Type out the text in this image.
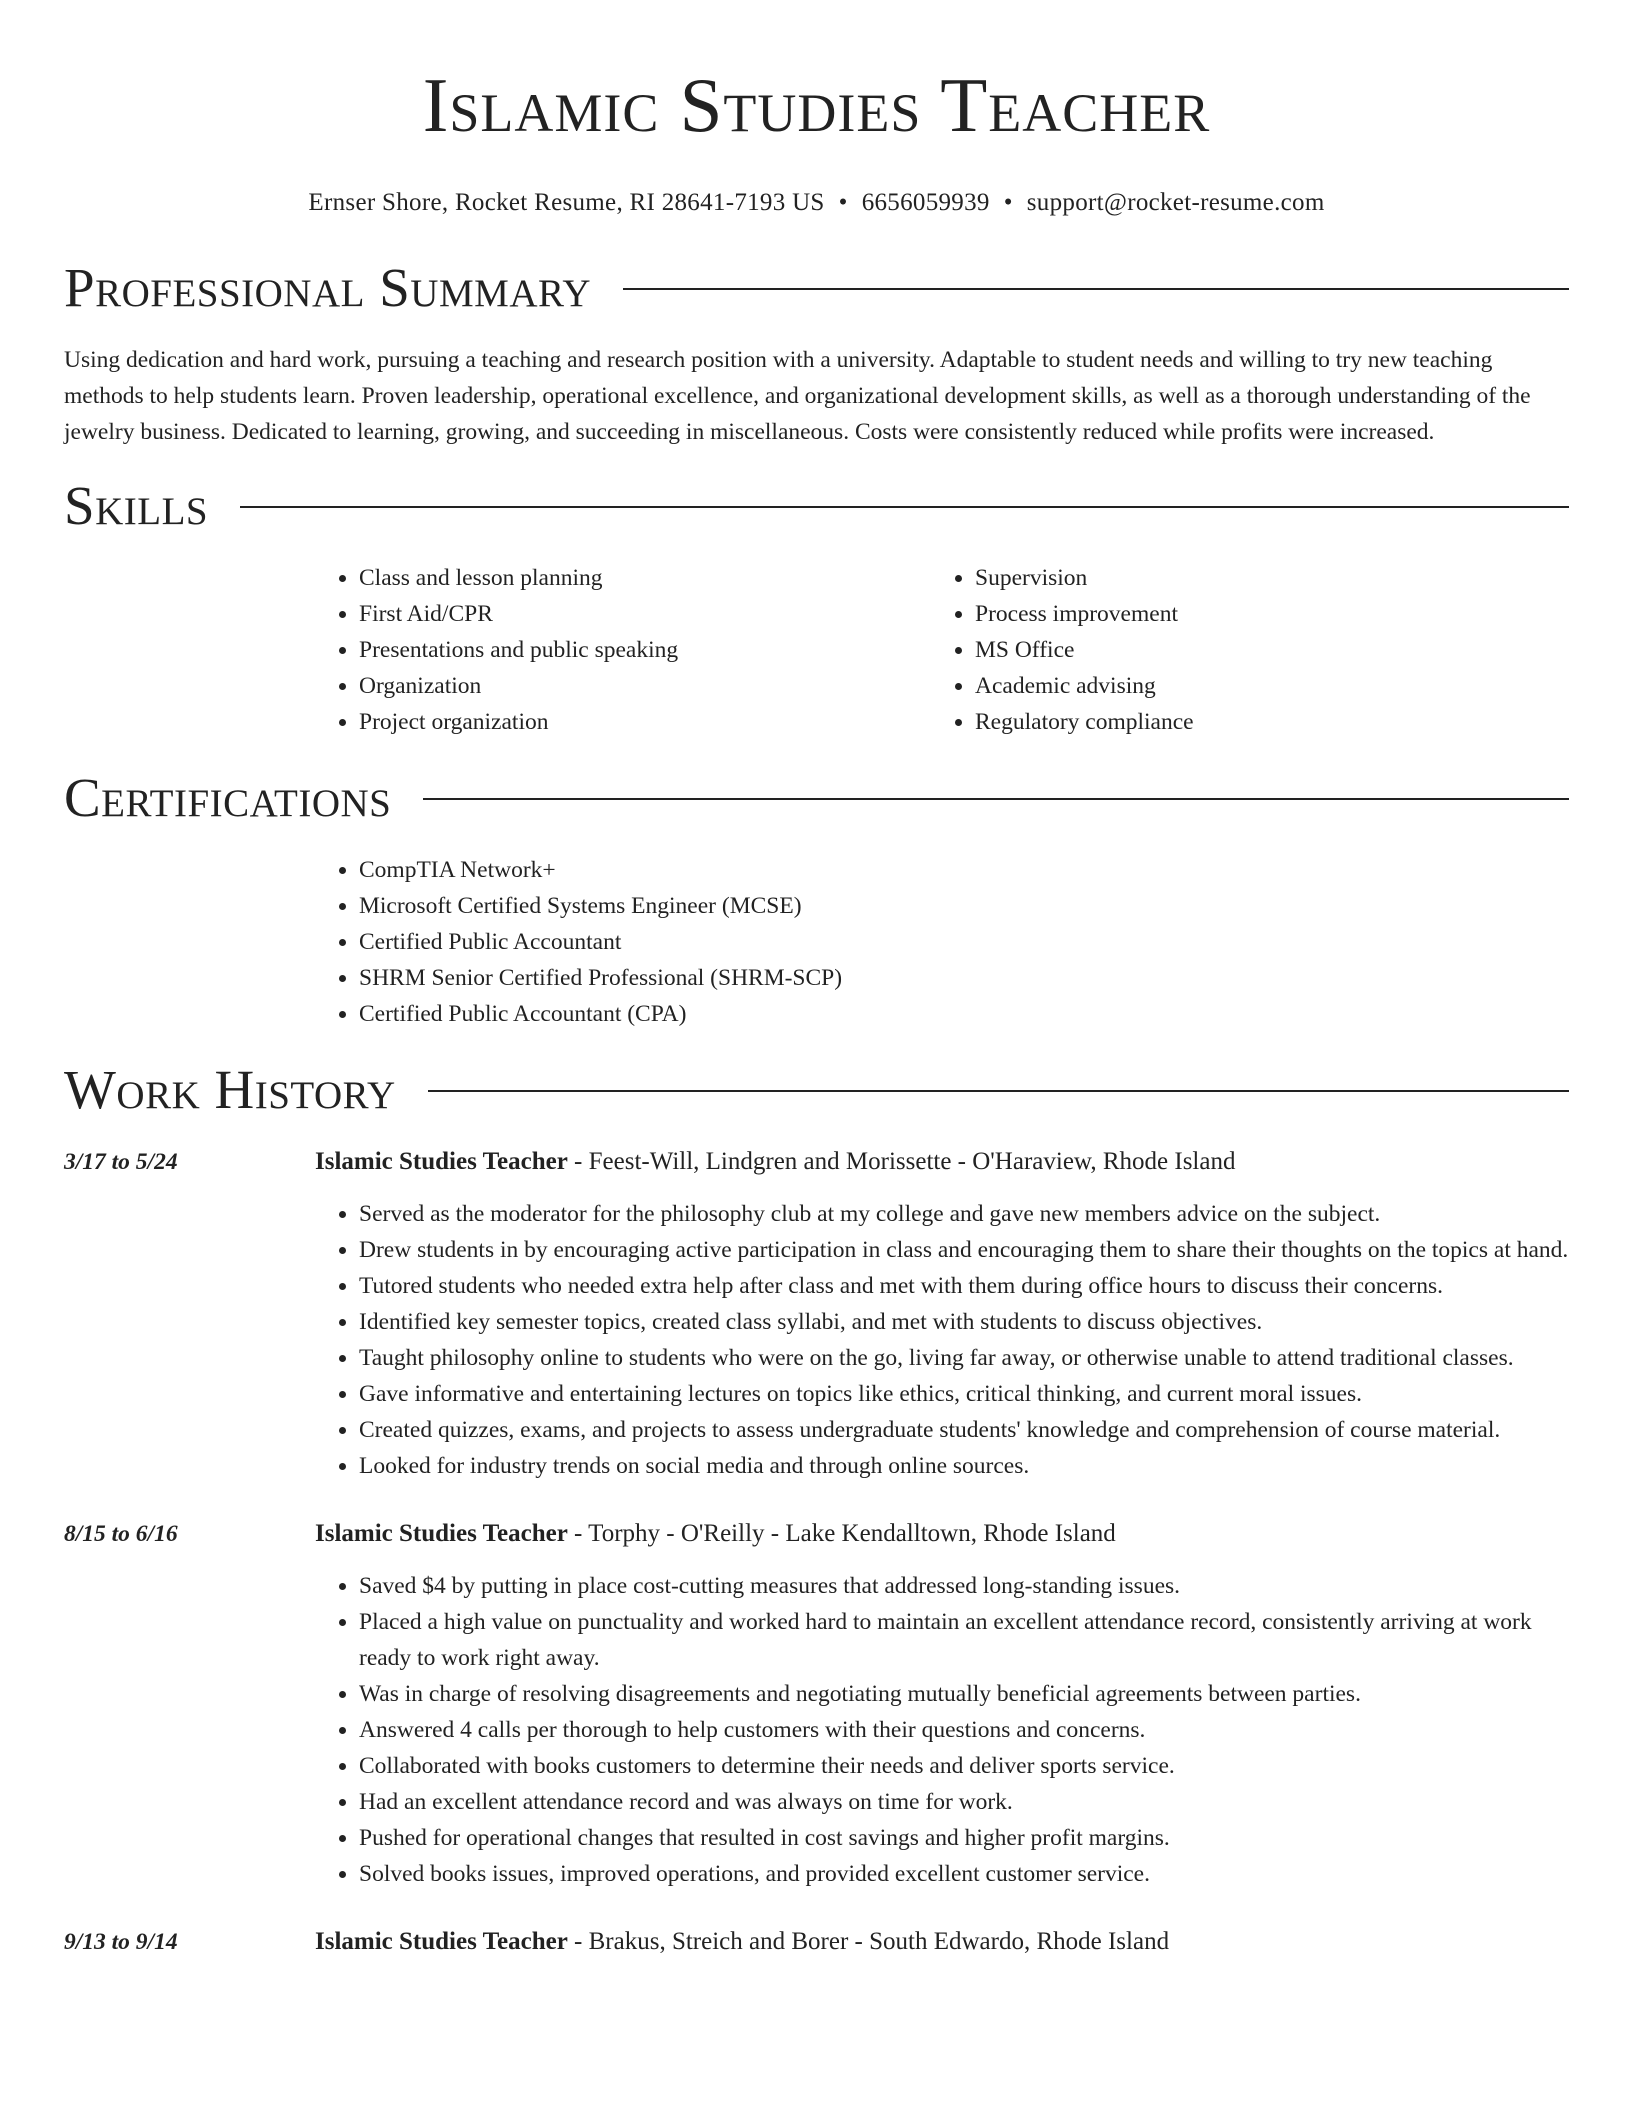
Islamic Studies Teacher
Ernser Shore, Rocket Resume, RI 28641-7193 US • 6656059939 • support@rocket-resume.com
Professional Summary

Using dedication and hard work, pursuing a teaching and research position with a university. Adaptable to student needs and willing to try new teaching methods to help students learn. Proven leadership, operational excellence, and organizational development skills, as well as a thorough understanding of the jewelry business. Dedicated to learning, growing, and succeeding in miscellaneous. Costs were consistently reduced while profits were increased.

Skills
• Class and lesson planning
• First Aid/CPR
• Presentations and public speaking
• Organization
• Project organization
• Supervision
• Process improvement
• MS Office
• Academic advising
• Regulatory compliance
Certifications
• CompTIA Network+
• Microsoft Certified Systems Engineer (MCSE)
• Certified Public Accountant
• SHRM Senior Certified Professional (SHRM-SCP)
• Certified Public Accountant (CPA)
Work History
3/17 to 5/24	Islamic Studies Teacher - Feest-Will, Lindgren and Morissette - O'Haraview, Rhode Island
• Served as the moderator for the philosophy club at my college and gave new members advice on the subject.
• Drew students in by encouraging active participation in class and encouraging them to share their thoughts on the topics at hand.
• Tutored students who needed extra help after class and met with them during office hours to discuss their concerns.
• Identified key semester topics, created class syllabi, and met with students to discuss objectives.
• Taught philosophy online to students who were on the go, living far away, or otherwise unable to attend traditional classes.
• Gave informative and entertaining lectures on topics like ethics, critical thinking, and current moral issues.
• Created quizzes, exams, and projects to assess undergraduate students' knowledge and comprehension of course material.
• Looked for industry trends on social media and through online sources.
8/15 to 6/16	Islamic Studies Teacher - Torphy - O'Reilly - Lake Kendalltown, Rhode Island
• Saved $4 by putting in place cost-cutting measures that addressed long-standing issues.
• Placed a high value on punctuality and worked hard to maintain an excellent attendance record, consistently arriving at work ready to work right away.
• Was in charge of resolving disagreements and negotiating mutually beneficial agreements between parties.
• Answered 4 calls per thorough to help customers with their questions and concerns.
• Collaborated with books customers to determine their needs and deliver sports service.
• Had an excellent attendance record and was always on time for work.
• Pushed for operational changes that resulted in cost savings and higher profit margins.
• Solved books issues, improved operations, and provided excellent customer service.
9/13 to 9/14	Islamic Studies Teacher - Brakus, Streich and Borer - South Edwardo, Rhode Island
